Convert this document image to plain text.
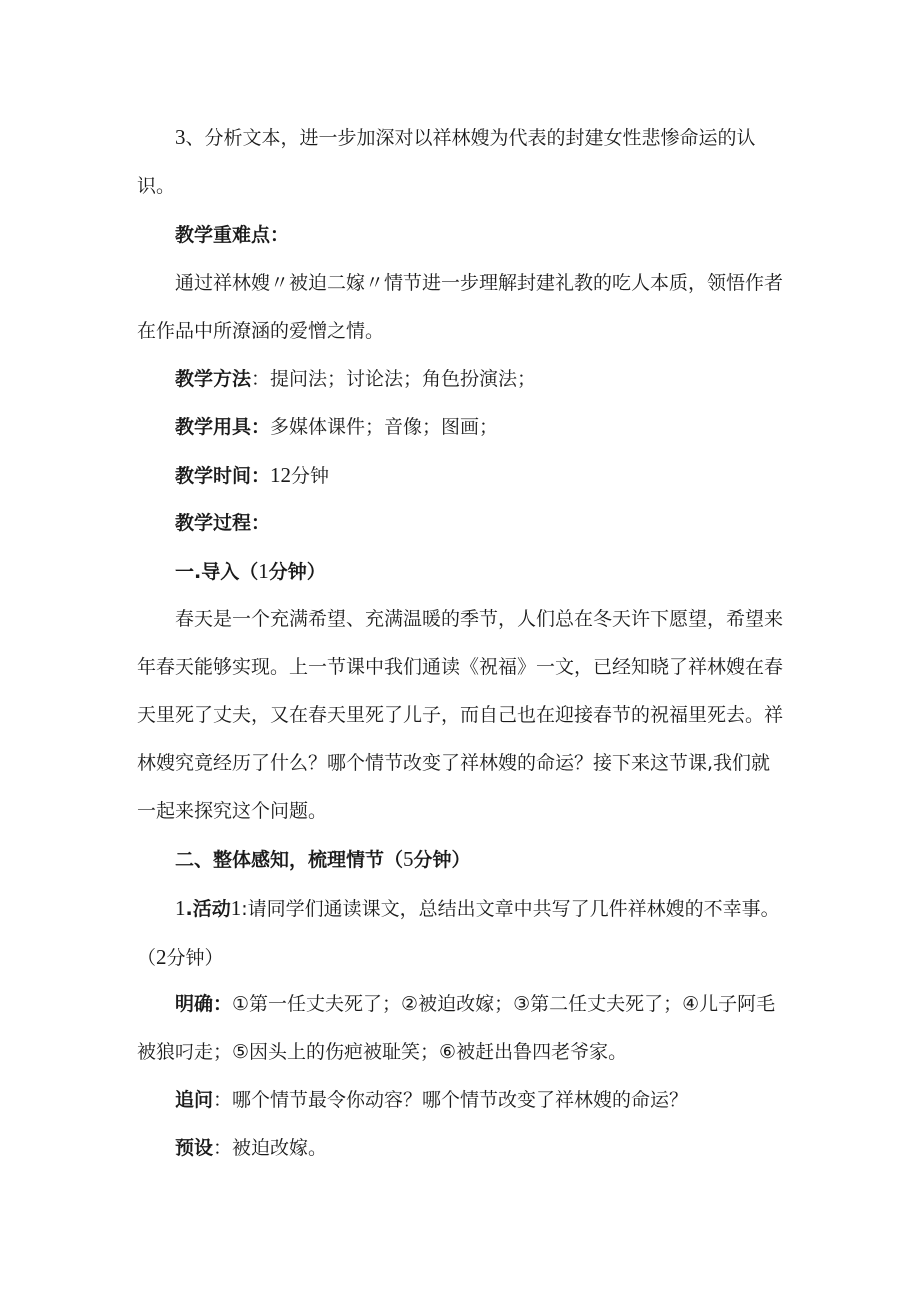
3、分析文本，进一步加深对以祥林嫂为代表的封建女性悲惨命运的认识。

教学重难点：

通过祥林嫂〃被迫二嫁〃情节进一步理解封建礼教的吃人本质，领悟作者在作品中所潦涵的爱憎之情。

教学方法：提问法；讨论法；角色扮演法；

教学用具：多媒体课件；音像；图画；

教学时间：12分钟

教学过程：

一.导入（1分钟）

春天是一个充满希望、充满温暖的季节，人们总在冬天许下愿望，希望来年春天能够实现。上一节课中我们通读《祝福》一文，已经知晓了祥林嫂在春天里死了丈夫，又在春天里死了儿子，而自己也在迎接春节的祝福里死去。祥林嫂究竟经历了什么？哪个情节改变了祥林嫂的命运？接下来这节课,我们就一起来探究这个问题。

二、整体感知，梳理情节（5分钟）

1.活动1:请同学们通读课文，总结出文章中共写了几件祥林嫂的不幸事。（2分钟）

明确：①第一任丈夫死了；②被迫改嫁；③第二任丈夫死了；④儿子阿毛被狼叼走；⑤因头上的伤疤被耻笑；⑥被赶出鲁四老爷家。

追问：哪个情节最令你动容？哪个情节改变了祥林嫂的命运？

预设：被迫改嫁。
